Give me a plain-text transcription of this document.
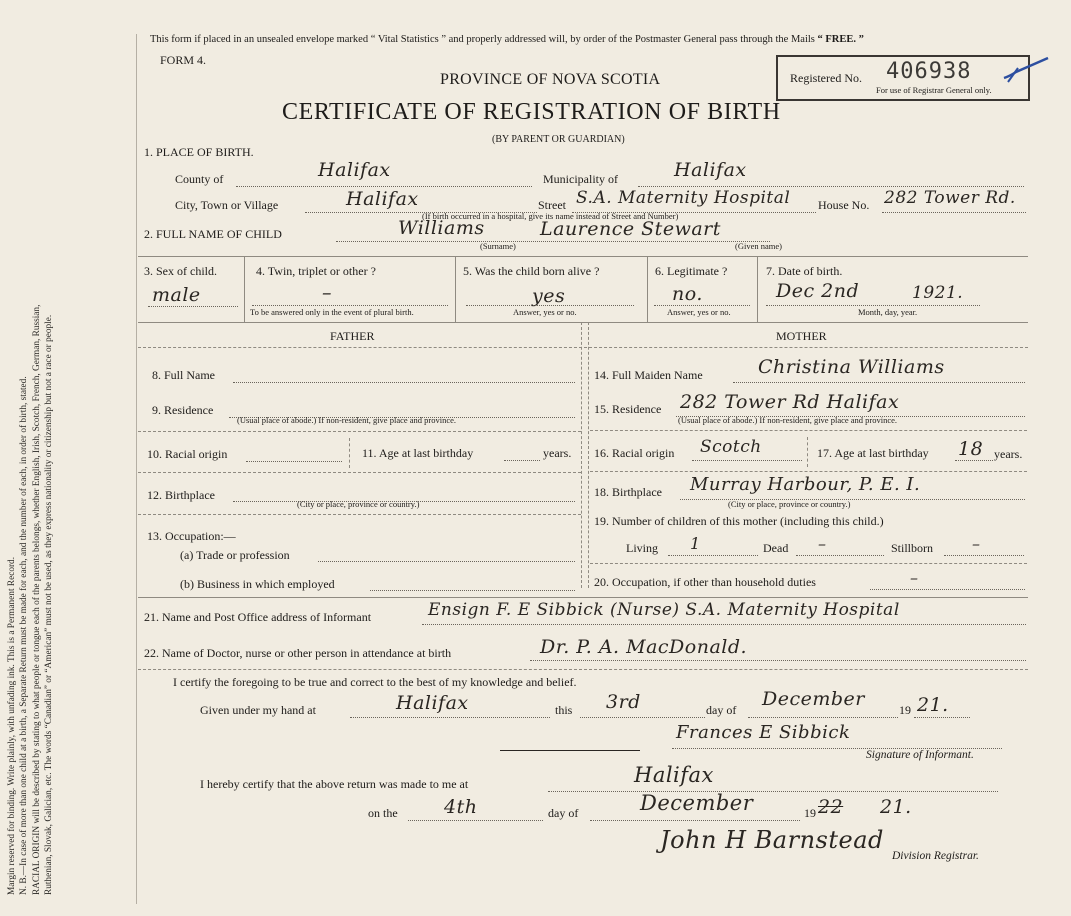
Margin reserved for binding. Write plainly, with unfading ink. This is a Permanent Record. N. B.—In case of more than one child at a birth, a Separate Return must be made for each, and the number of each, in order of birth, stated. RACIAL ORIGIN will be described by stating to what people or tongue each of the parents belongs, whether English, Irish, Scotch, French, German, Russian, Ruthenian, Slovak, Galician, etc. The words “Canadian” or “American” must not be used, as they express nationality or citizenship but not a race or people.
This form if placed in an unsealed envelope marked “ Vital Statistics ” and properly addressed will, by order of the Postmaster General pass through the Mails “ FREE. ”
FORM 4.
PROVINCE OF NOVA SCOTIA
CERTIFICATE OF REGISTRATION OF BIRTH
(BY PARENT OR GUARDIAN)
Registered No. 406938
For use of Registrar General only.
1. PLACE OF BIRTH.
County of	Halifax	Municipality of	Halifax
City, Town or Village	Halifax	Street S.A. Maternity Hospital House No. 282 Tower Rd.
(If birth occurred in a hospital, give its name instead of Street and Number)
2. FULL NAME OF CHILD	Williams	Laurence Stewart
(Surname)	(Given name)
3. Sex of child.
male
4. Twin, triplet or other ?
–
To be answered only in the event of plural birth.
5. Was the child born alive ?
yes
Answer, yes or no.
6. Legitimate ?
no.
Answer, yes or no.
7. Date of birth.
Dec 2nd	1921.
Month, day, year.
FATHER	MOTHER
8. Full Name
9. Residence
(Usual place of abode.) If non-resident, give place and province.
10. Racial origin	11. Age at last birthday	years.
12. Birthplace
(City or place, province or country.)
13. Occupation:—
(a) Trade or profession
(b) Business in which employed
14. Full Maiden Name	Christina Williams
15. Residence 282 Tower Rd Halifax
(Usual place of abode.) If non-resident, give place and province.
16. Racial origin Scotch	17. Age at last birthday 18 years.
18. Birthplace Murray Harbour, P. E. I.
(City or place, province or country.)
19. Number of children of this mother (including this child.)
Living 1	Dead –	Stillborn –
20. Occupation, if other than household duties	–
21. Name and Post Office address of Informant	Ensign F. E Sibbick (Nurse) S.A. Maternity Hospital
22. Name of Doctor, nurse or other person in attendance at birth	Dr. P. A. MacDonald.
I certify the foregoing to be true and correct to the best of my knowledge and belief.
Given under my hand at	Halifax	this 3rd	day of December	19 21.
Frances E Sibbick
Signature of Informant.
I hereby certify that the above return was made to me at	Halifax
on the 4th	day of	December	19 22 21.
John H Barnstead
Division Registrar.
